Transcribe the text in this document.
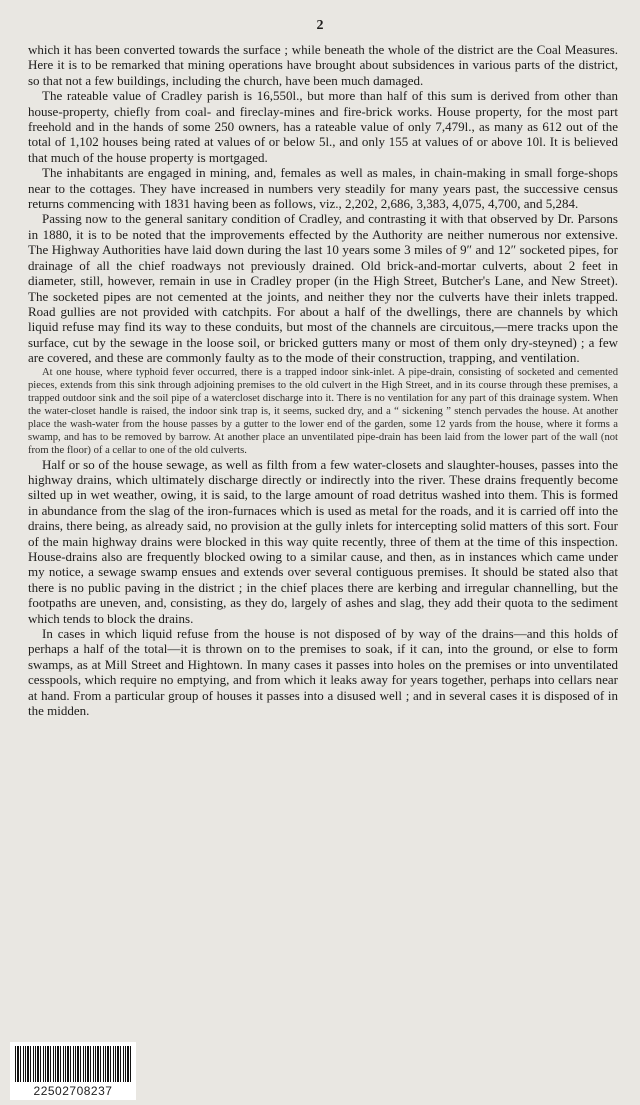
2

which it has been converted towards the surface ; while beneath the whole of the district are the Coal Measures. Here it is to be remarked that mining operations have brought about subsidences in various parts of the district, so that not a few buildings, including the church, have been much damaged.

The rateable value of Cradley parish is 16,550l., but more than half of this sum is derived from other than house-property, chiefly from coal- and fireclay-mines and fire-brick works. House property, for the most part freehold and in the hands of some 250 owners, has a rateable value of only 7,479l., as many as 612 out of the total of 1,102 houses being rated at values of or below 5l., and only 155 at values of or above 10l. It is believed that much of the house property is mortgaged.

The inhabitants are engaged in mining, and, females as well as males, in chain-making in small forge-shops near to the cottages. They have increased in numbers very steadily for many years past, the successive census returns commencing with 1831 having been as follows, viz., 2,202, 2,686, 3,383, 4,075, 4,700, and 5,284.

Passing now to the general sanitary condition of Cradley, and contrasting it with that observed by Dr. Parsons in 1880, it is to be noted that the improvements effected by the Authority are neither numerous nor extensive. The Highway Authorities have laid down during the last 10 years some 3 miles of 9″ and 12″ socketed pipes, for drainage of all the chief roadways not previously drained. Old brick-and-mortar culverts, about 2 feet in diameter, still, however, remain in use in Cradley proper (in the High Street, Butcher's Lane, and New Street). The socketed pipes are not cemented at the joints, and neither they nor the culverts have their inlets trapped. Road gullies are not provided with catchpits. For about a half of the dwellings, there are channels by which liquid refuse may find its way to these conduits, but most of the channels are circuitous,—mere tracks upon the surface, cut by the sewage in the loose soil, or bricked gutters many or most of them only dry-steyned) ; a few are covered, and these are commonly faulty as to the mode of their construction, trapping, and ventilation.

At one house, where typhoid fever occurred, there is a trapped indoor sink-inlet. A pipe-drain, consisting of socketed and cemented pieces, extends from this sink through adjoining premises to the old culvert in the High Street, and in its course through these premises, a trapped outdoor sink and the soil pipe of a watercloset discharge into it. There is no ventilation for any part of this drainage system. When the water-closet handle is raised, the indoor sink trap is, it seems, sucked dry, and a “ sickening ” stench pervades the house. At another place the wash-water from the house passes by a gutter to the lower end of the garden, some 12 yards from the house, where it forms a swamp, and has to be removed by barrow. At another place an unventilated pipe-drain has been laid from the lower part of the wall (not from the floor) of a cellar to one of the old culverts.

Half or so of the house sewage, as well as filth from a few water-closets and slaughter-houses, passes into the highway drains, which ultimately discharge directly or indirectly into the river. These drains frequently become silted up in wet weather, owing, it is said, to the large amount of road detritus washed into them. This is formed in abundance from the slag of the iron-furnaces which is used as metal for the roads, and it is carried off into the drains, there being, as already said, no provision at the gully inlets for intercepting solid matters of this sort. Four of the main highway drains were blocked in this way quite recently, three of them at the time of this inspection. House-drains also are frequently blocked owing to a similar cause, and then, as in instances which came under my notice, a sewage swamp ensues and extends over several contiguous premises. It should be stated also that there is no public paving in the district ; in the chief places there are kerbing and irregular channelling, but the footpaths are uneven, and, consisting, as they do, largely of ashes and slag, they add their quota to the sediment which tends to block the drains.

In cases in which liquid refuse from the house is not disposed of by way of the drains—and this holds of perhaps a half of the total—it is thrown on to the premises to soak, if it can, into the ground, or else to form swamps, as at Mill Street and Hightown. In many cases it passes into holes on the premises or into unventilated cesspools, which require no emptying, and from which it leaks away for years together, perhaps into cellars near at hand. From a particular group of houses it passes into a disused well ; and in several cases it is disposed of in the midden.

22502708237
